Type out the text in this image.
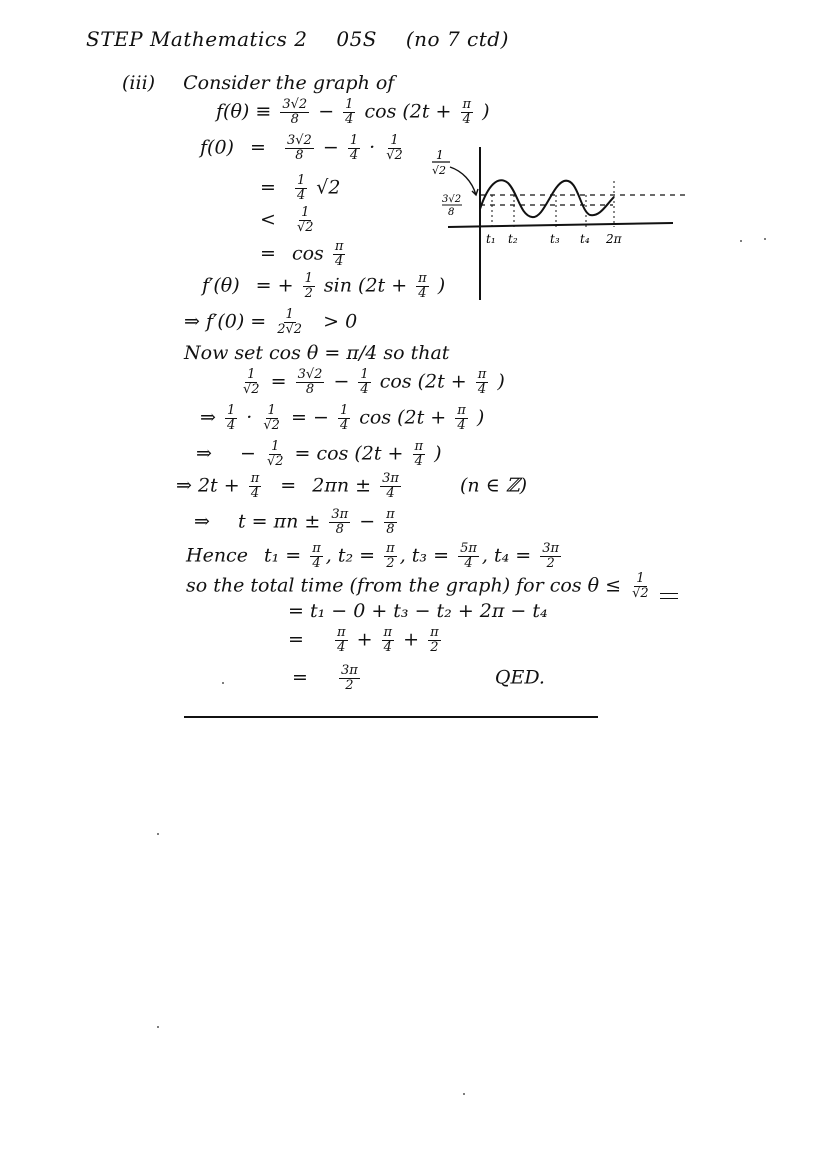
STEP Mathematics 2 05S (no 7 ctd)
(iii) Consider the graph of
$f(\theta) \equiv \frac{3√2}{8} - \frac{1}{4}$ $\cos (2t + \frac{\pi}{4}$ )
$f(0) = \frac{3√2}{8} - \frac{1}{4} \cdot \frac{1}{√2}$
= $\frac{1}{4} √2$
< $\frac{1}{√2}$
= $\cos \frac{\pi}{4}$
f′(θ) = + $\frac{1}{2}$ $\sin (2t + \frac{\pi}{4}$ )
⇒ $f'(0) = \frac{1}{2√2} > 0$
Now set cos θ = π/4 so that
$\frac{1}{√2} = \frac{3√2}{8} - \frac{1}{4}$ $\cos (2t + \frac{\pi}{4}$ )
⇒ $\frac{1}{4} \cdot \frac{1}{√2}$ = − $\frac{1}{4}$ $\cos (2t + \frac{\pi}{4}$ )
⇒ − $\frac{1}{√2} = \cos (2t + \frac{\pi}{4}$ )
⇒ $2t + \frac{\pi}{4} = 2\pi n \pm \frac{3\pi}{4}$	(n ∈ ℤ)
⇒ $t = \pi n \pm \frac{3\pi}{8} - \frac{\pi}{8}$
Hence $t_1 = \frac{\pi}{4}$ , $t_2 = \frac{\pi}{2}$ , $t_3 = \frac{5\pi}{4}$ , $t_4 = \frac{3\pi}{2}$
so the total time (from the graph) for $\cos \theta \le \frac{1}{√2}$
= t₁ − 0 + t₃ − t₂ + 2π − t₄
= $\frac{\pi}{4} + \frac{\pi}{4} + \frac{\pi}{2}$
= $\frac{3\pi}{2}$	QED.
1
√2
3√2
8
t₁ t₂	t₃ t₄ 2π
